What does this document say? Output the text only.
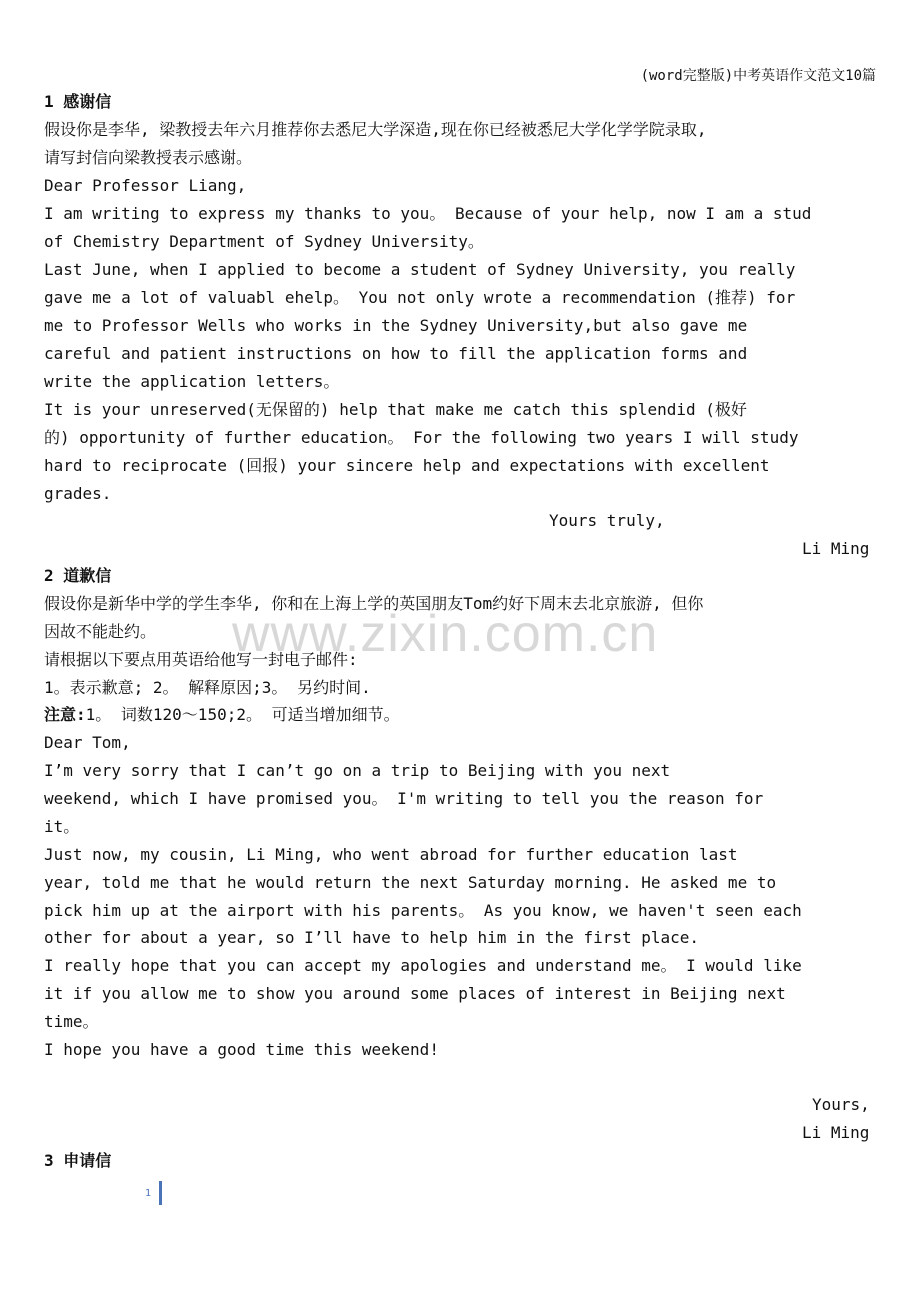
(word完整版)中考英语作文范文10篇
www.zixin.com.cn
1 感谢信
假设你是李华, 梁教授去年六月推荐你去悉尼大学深造,现在你已经被悉尼大学化学学院录取,
请写封信向梁教授表示感谢。
Dear Professor Liang,
I am writing to express my thanks to you。 Because of your help, now I am a stud
of Chemistry Department of Sydney University。
Last June, when I applied to become a student of Sydney University, you really
gave me a lot of valuabl ehelp。 You not only wrote a recommendation (推荐) for
me to Professor Wells who works in the Sydney University,but also gave me
careful and patient instructions on how to fill the application forms and
write the application letters。
It is your unreserved(无保留的) help that make me catch this splendid (极好
的) opportunity of further education。 For the following two years I will study
hard to reciprocate (回报) your sincere help and expectations with excellent
grades.
Yours truly,
Li Ming
2 道歉信
假设你是新华中学的学生李华, 你和在上海上学的英国朋友Tom约好下周末去北京旅游, 但你
因故不能赴约。
请根据以下要点用英语给他写一封电子邮件:
1。表示歉意; 2。 解释原因;3。 另约时间.
注意:1。 词数120～150;2。 可适当增加细节。
Dear Tom,
I’m very sorry that I can’t go on a trip to Beijing with you next
weekend, which I have promised you。 I'm writing to tell you the reason for
it。
Just now, my cousin, Li Ming, who went abroad for further education last
year, told me that he would return the next Saturday morning. He asked me to
pick him up at the airport with his parents。 As you know, we haven't seen each
other for about a year, so I’ll have to help him in the first place.
I really hope that you can accept my apologies and understand me。 I would like
it if you allow me to show you around some places of interest in Beijing next
time。
I hope you have a good time this weekend!
Yours,
Li Ming
3 申请信
1
